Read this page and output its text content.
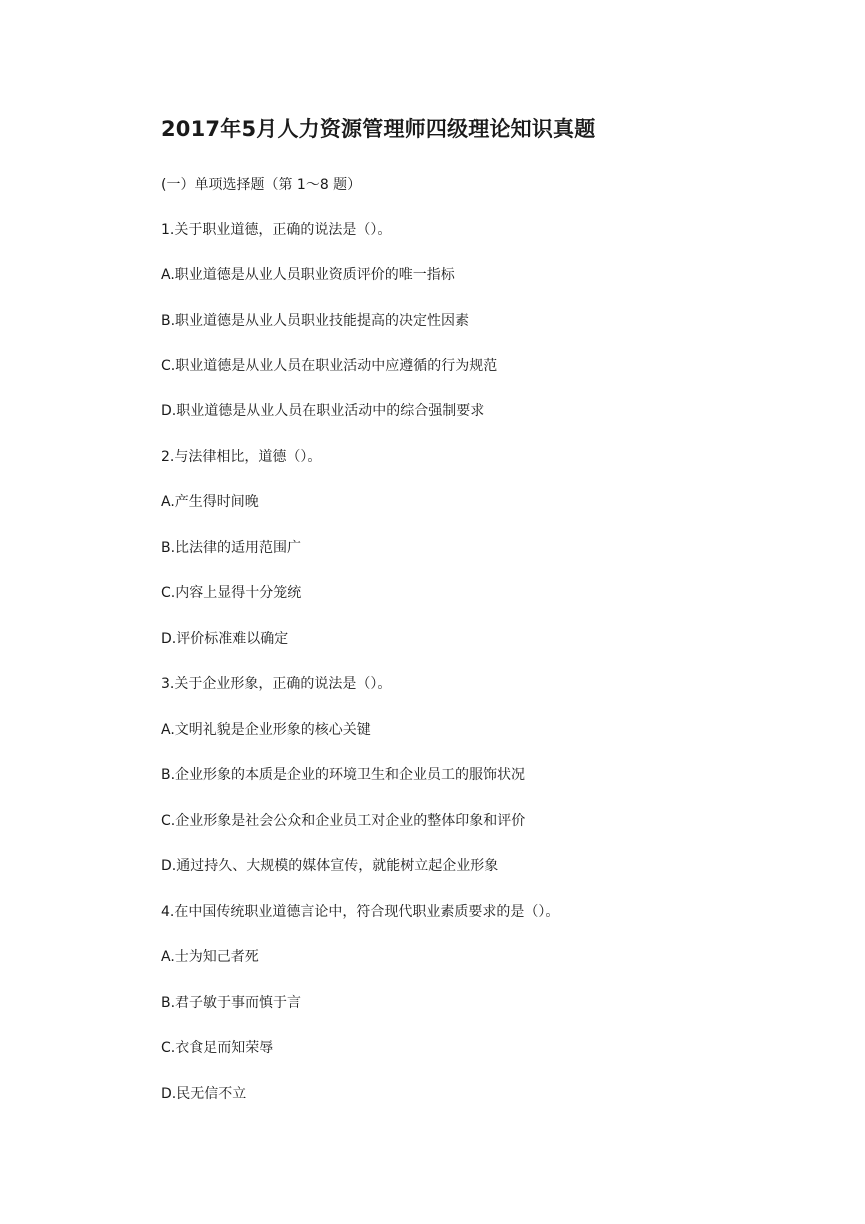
2017年5月人力资源管理师四级理论知识真题

(一）单项选择题（第 1～8 题）

1.关于职业道德，正确的说法是（）。

A.职业道德是从业人员职业资质评价的唯一指标

B.职业道德是从业人员职业技能提高的决定性因素

C.职业道德是从业人员在职业活动中应遵循的行为规范

D.职业道德是从业人员在职业活动中的综合强制要求

2.与法律相比，道德（）。

A.产生得时间晚

B.比法律的适用范围广

C.内容上显得十分笼统

D.评价标准难以确定

3.关于企业形象，正确的说法是（）。

A.文明礼貌是企业形象的核心关键

B.企业形象的本质是企业的环境卫生和企业员工的服饰状况

C.企业形象是社会公众和企业员工对企业的整体印象和评价

D.通过持久、大规模的媒体宣传，就能树立起企业形象

4.在中国传统职业道德言论中，符合现代职业素质要求的是（）。

A.士为知己者死

B.君子敏于事而慎于言

C.衣食足而知荣辱

D.民无信不立
